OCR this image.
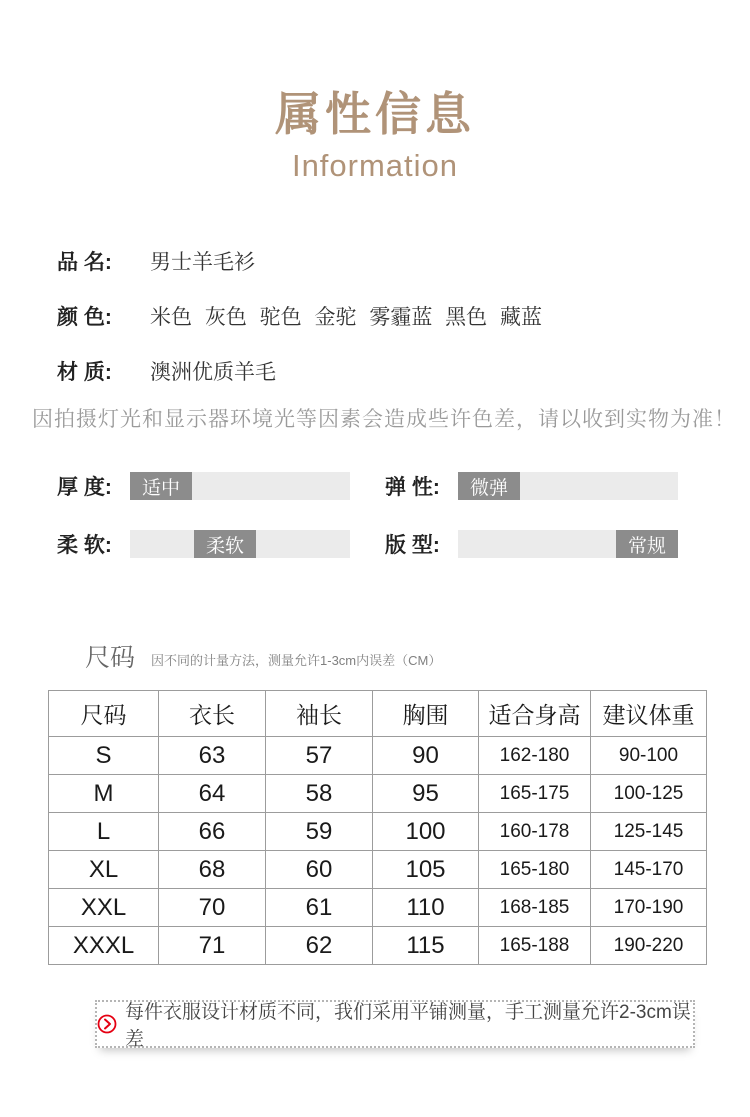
属性信息
Information
品 名:	男士羊毛衫
颜 色:	米色 灰色 驼色 金驼 雾霾蓝 黑色 藏蓝
材 质:	澳洲优质羊毛
因拍摄灯光和显示器环境光等因素会造成些许色差，请以收到实物为准！
厚 度:	适中	弹 性:	微弹
柔 软:	柔软	版 型:	常规
尺码 因不同的计量方法，测量允许1-3cm内误差（CM）
尺码	衣长	袖长	胸围	适合身高	建议体重
S	63	57	90	162-180	90-100
M	64	58	95	165-175	100-125
L	66	59	100	160-178	125-145
XL	68	60	105	165-180	145-170
XXL	70	61	110	168-185	170-190
XXXL	71	62	115	165-188	190-220
每件衣服设计材质不同，我们采用平铺测量，手工测量允许2-3cm误差
